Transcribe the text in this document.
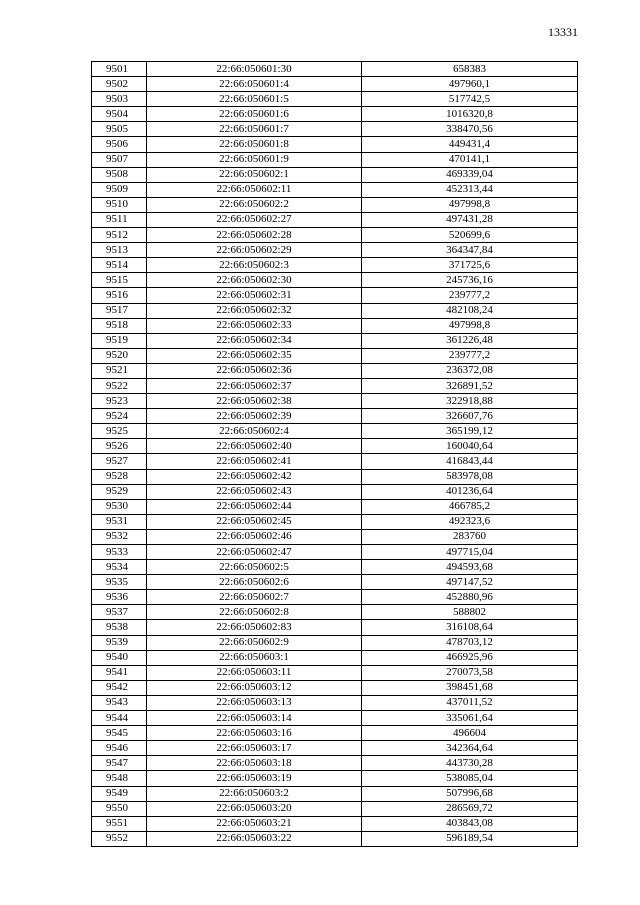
13331
9501	22:66:050601:30	658383
9502	22:66:050601:4	497960,1
9503	22:66:050601:5	517742,5
9504	22:66:050601:6	1016320,8
9505	22:66:050601:7	338470,56
9506	22:66:050601:8	449431,4
9507	22:66:050601:9	470141,1
9508	22:66:050602:1	469339,04
9509	22:66:050602:11	452313,44
9510	22:66:050602:2	497998,8
9511	22:66:050602:27	497431,28
9512	22:66:050602:28	520699,6
9513	22:66:050602:29	364347,84
9514	22:66:050602:3	371725,6
9515	22:66:050602:30	245736,16
9516	22:66:050602:31	239777,2
9517	22:66:050602:32	482108,24
9518	22:66:050602:33	497998,8
9519	22:66:050602:34	361226,48
9520	22:66:050602:35	239777,2
9521	22:66:050602:36	236372,08
9522	22:66:050602:37	326891,52
9523	22:66:050602:38	322918,88
9524	22:66:050602:39	326607,76
9525	22:66:050602:4	365199,12
9526	22:66:050602:40	160040,64
9527	22:66:050602:41	416843,44
9528	22:66:050602:42	583978,08
9529	22:66:050602:43	401236,64
9530	22:66:050602:44	466785,2
9531	22:66:050602:45	492323,6
9532	22:66:050602:46	283760
9533	22:66:050602:47	497715,04
9534	22:66:050602:5	494593,68
9535	22:66:050602:6	497147,52
9536	22:66:050602:7	452880,96
9537	22:66:050602:8	588802
9538	22:66:050602:83	316108,64
9539	22:66:050602:9	478703,12
9540	22:66:050603:1	466925,96
9541	22:66:050603:11	270073,58
9542	22:66:050603:12	398451,68
9543	22:66:050603:13	437011,52
9544	22:66:050603:14	335061,64
9545	22:66:050603:16	496604
9546	22:66:050603:17	342364,64
9547	22:66:050603:18	443730,28
9548	22:66:050603:19	538085,04
9549	22:66:050603:2	507996,68
9550	22:66:050603:20	286569,72
9551	22:66:050603:21	403843,08
9552	22:66:050603:22	596189,54
